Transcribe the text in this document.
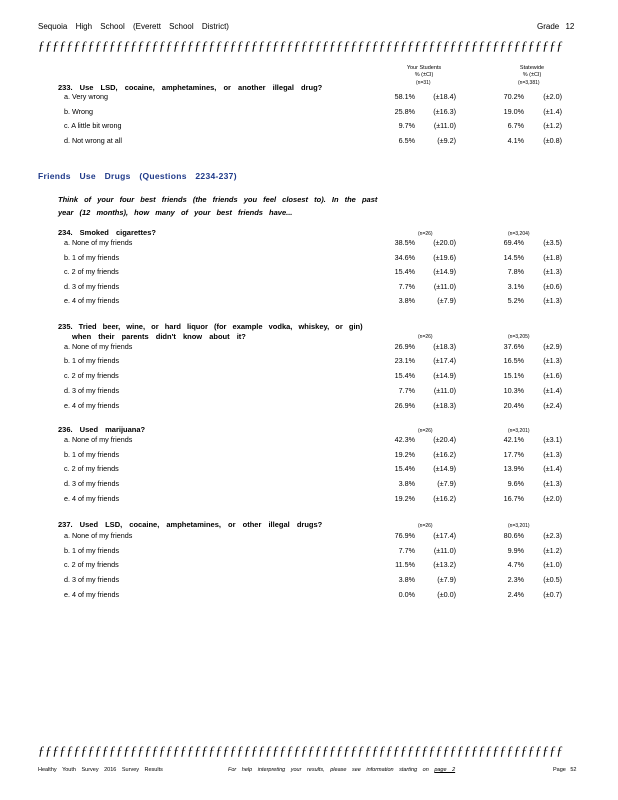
Sequoia High School (Everett School District)	Grade 12
ƒƒƒƒƒƒƒƒƒƒƒƒƒƒƒƒƒƒƒƒƒƒƒƒƒƒƒƒƒƒƒƒƒƒƒƒƒƒƒƒƒƒƒƒƒƒƒƒƒƒƒƒƒƒƒƒƒƒƒƒƒƒƒƒƒƒƒƒƒƒƒƒƒƒ
Your Students
% (±CI)
Statewide
% (±CI)
(n=31)	(n=3,381)
233. Use LSD, cocaine, amphetamines, or another illegal drug?
a. Very wrong	58.1%	(±18.4)	70.2%	(±2.0)
b. Wrong	25.8%	(±16.3)	19.0%	(±1.4)
c. A little bit wrong	9.7%	(±11.0)	6.7%	(±1.2)
d. Not wrong at all	6.5%	(±9.2)	4.1%	(±0.8)
Friends Use Drugs (Questions 2234-237)
Think of your four best friends (the friends you feel closest to). In the past year (12 months), how many of your best friends have...
234. Smoked cigarettes?	(n=26)	(n=3,204)
a. None of my friends	38.5%	(±20.0)	69.4%	(±3.5)
b. 1 of my friends	34.6%	(±19.6)	14.5%	(±1.8)
c. 2 of my friends	15.4%	(±14.9)	7.8%	(±1.3)
d. 3 of my friends	7.7%	(±11.0)	3.1%	(±0.6)
e. 4 of my friends	3.8%	(±7.9)	5.2%	(±1.3)
235. Tried beer, wine, or hard liquor (for example vodka, whiskey, or gin)
when their parents didn't know about it?	(n=26)	(n=3,205)
a. None of my friends	26.9%	(±18.3)	37.6%	(±2.9)
b. 1 of my friends	23.1%	(±17.4)	16.5%	(±1.3)
c. 2 of my friends	15.4%	(±14.9)	15.1%	(±1.6)
d. 3 of my friends	7.7%	(±11.0)	10.3%	(±1.4)
e. 4 of my friends	26.9%	(±18.3)	20.4%	(±2.4)
236. Used marijuana?	(n=26)	(n=3,201)
a. None of my friends	42.3%	(±20.4)	42.1%	(±3.1)
b. 1 of my friends	19.2%	(±16.2)	17.7%	(±1.3)
c. 2 of my friends	15.4%	(±14.9)	13.9%	(±1.4)
d. 3 of my friends	3.8%	(±7.9)	9.6%	(±1.3)
e. 4 of my friends	19.2%	(±16.2)	16.7%	(±2.0)
237. Used LSD, cocaine, amphetamines, or other illegal drugs?	(n=26)	(n=3,201)
a. None of my friends	76.9%	(±17.4)	80.6%	(±2.3)
b. 1 of my friends	7.7%	(±11.0)	9.9%	(±1.2)
c. 2 of my friends	11.5%	(±13.2)	4.7%	(±1.0)
d. 3 of my friends	3.8%	(±7.9)	2.3%	(±0.5)
e. 4 of my friends	0.0%	(±0.0)	2.4%	(±0.7)
ƒƒƒƒƒƒƒƒƒƒƒƒƒƒƒƒƒƒƒƒƒƒƒƒƒƒƒƒƒƒƒƒƒƒƒƒƒƒƒƒƒƒƒƒƒƒƒƒƒƒƒƒƒƒƒƒƒƒƒƒƒƒƒƒƒƒƒƒƒƒƒƒƒƒ
Healthy Youth Survey 2016 Survey Results	For help interpreting your results, please see information starting on page 2	Page 52
